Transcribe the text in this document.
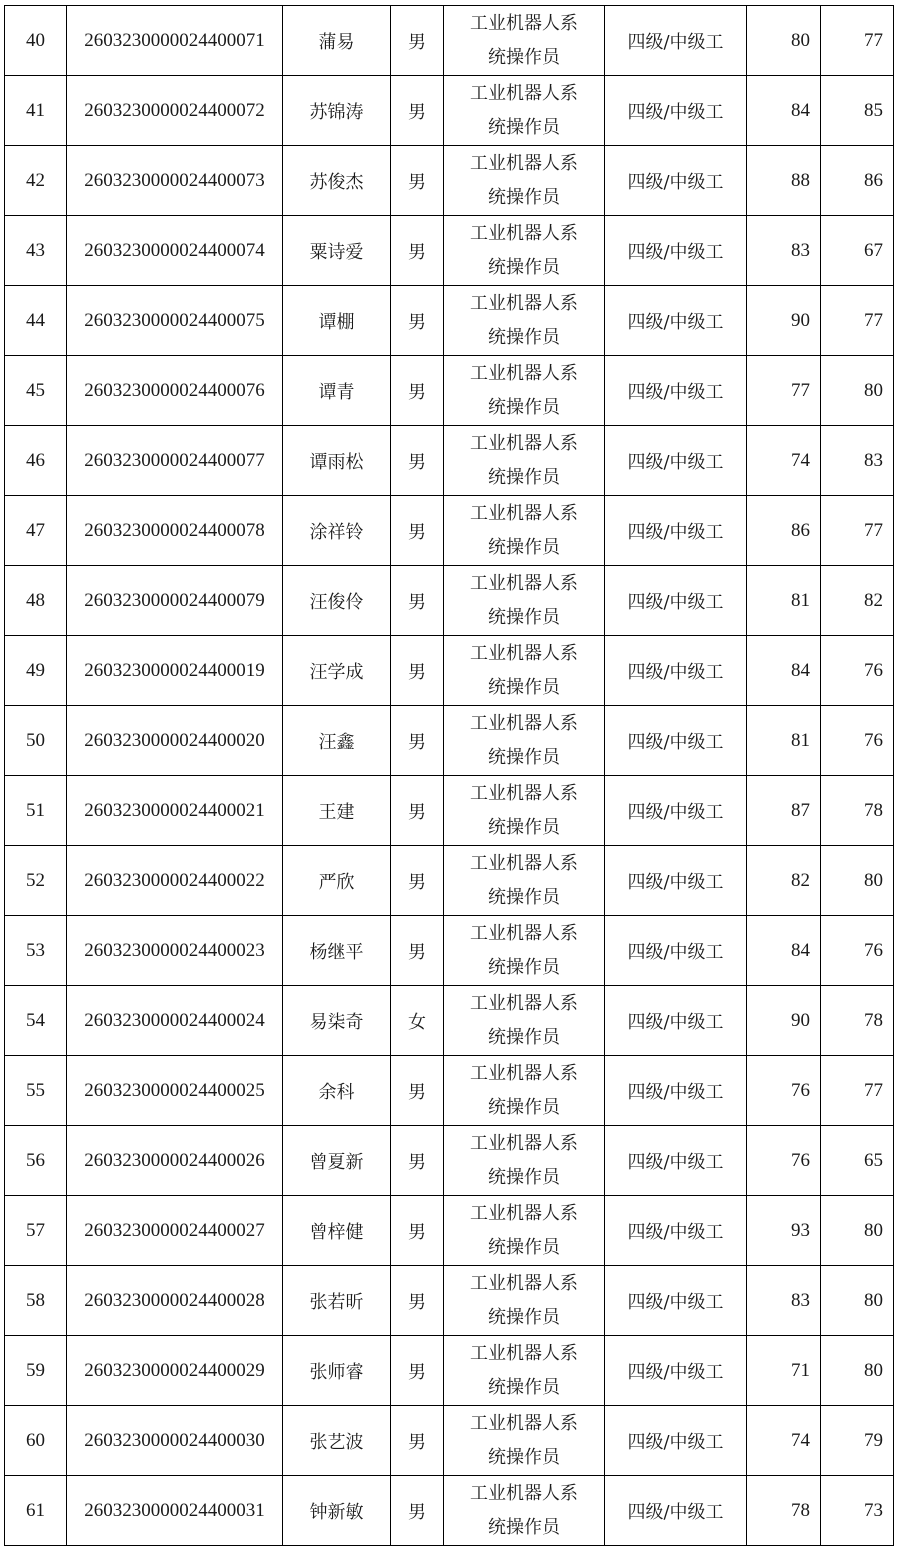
40	2603230000024400071	蒲易	男	工业机器人系
统操作员	四级/中级工	80	77
41	2603230000024400072	苏锦涛	男	工业机器人系
统操作员	四级/中级工	84	85
42	2603230000024400073	苏俊杰	男	工业机器人系
统操作员	四级/中级工	88	86
43	2603230000024400074	粟诗爱	男	工业机器人系
统操作员	四级/中级工	83	67
44	2603230000024400075	谭棚	男	工业机器人系
统操作员	四级/中级工	90	77
45	2603230000024400076	谭青	男	工业机器人系
统操作员	四级/中级工	77	80
46	2603230000024400077	谭雨松	男	工业机器人系
统操作员	四级/中级工	74	83
47	2603230000024400078	涂祥铃	男	工业机器人系
统操作员	四级/中级工	86	77
48	2603230000024400079	汪俊伶	男	工业机器人系
统操作员	四级/中级工	81	82
49	2603230000024400019	汪学成	男	工业机器人系
统操作员	四级/中级工	84	76
50	2603230000024400020	汪鑫	男	工业机器人系
统操作员	四级/中级工	81	76
51	2603230000024400021	王建	男	工业机器人系
统操作员	四级/中级工	87	78
52	2603230000024400022	严欣	男	工业机器人系
统操作员	四级/中级工	82	80
53	2603230000024400023	杨继平	男	工业机器人系
统操作员	四级/中级工	84	76
54	2603230000024400024	易柒奇	女	工业机器人系
统操作员	四级/中级工	90	78
55	2603230000024400025	余科	男	工业机器人系
统操作员	四级/中级工	76	77
56	2603230000024400026	曾夏新	男	工业机器人系
统操作员	四级/中级工	76	65
57	2603230000024400027	曾梓健	男	工业机器人系
统操作员	四级/中级工	93	80
58	2603230000024400028	张若昕	男	工业机器人系
统操作员	四级/中级工	83	80
59	2603230000024400029	张师睿	男	工业机器人系
统操作员	四级/中级工	71	80
60	2603230000024400030	张艺波	男	工业机器人系
统操作员	四级/中级工	74	79
61	2603230000024400031	钟新敏	男	工业机器人系
统操作员	四级/中级工	78	73
